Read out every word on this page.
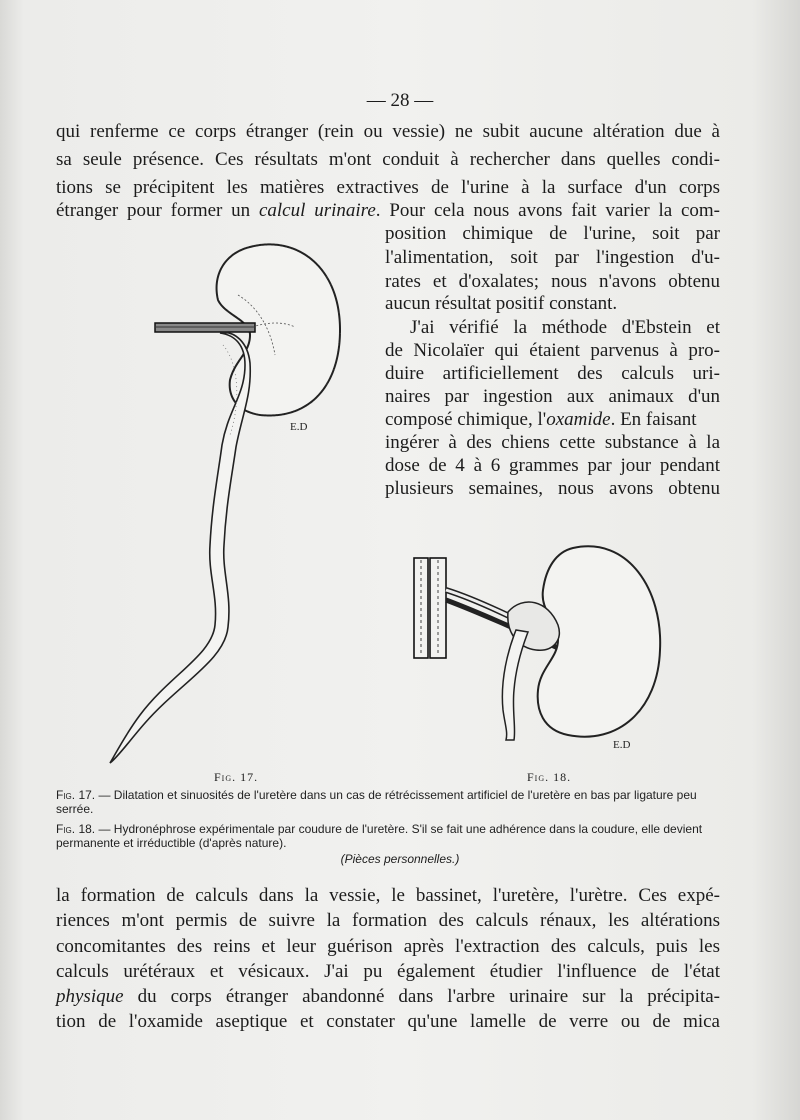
— 28 —
qui renferme ce corps étranger (rein ou vessie) ne subit aucune altération due à
sa seule présence. Ces résultats m'ont conduit à rechercher dans quelles condi-
tions se précipitent les matières extractives de l'urine à la surface d'un corps
étranger pour former un calcul urinaire. Pour cela nous avons fait varier la com-
position chimique de l'urine, soit par
l'alimentation, soit par l'ingestion d'u-
rates et d'oxalates; nous n'avons obtenu
aucun résultat positif constant.
J'ai vérifié la méthode d'Ebstein et
de Nicolaïer qui étaient parvenus à pro-
duire artificiellement des calculs uri-
naires par ingestion aux animaux d'un
composé chimique, l'oxamide. En faisant
ingérer à des chiens cette substance à la
dose de 4 à 6 grammes par jour pendant
plusieurs semaines, nous avons obtenu
E.D
E.D
Fig. 17.	Fig. 18.
Fig. 17. — Dilatation et sinuosités de l'uretère dans un cas de rétrécissement artificiel de l'uretère en bas par ligature peu serrée.
Fig. 18. — Hydronéphrose expérimentale par coudure de l'uretère. S'il se fait une adhérence dans la coudure, elle devient permanente et irréductible (d'après nature).
(Pièces personnelles.)
la formation de calculs dans la vessie, le bassinet, l'uretère, l'urètre. Ces expé-
riences m'ont permis de suivre la formation des calculs rénaux, les altérations
concomitantes des reins et leur guérison après l'extraction des calculs, puis les
calculs urétéraux et vésicaux. J'ai pu également étudier l'influence de l'état
physique du corps étranger abandonné dans l'arbre urinaire sur la précipita-
tion de l'oxamide aseptique et constater qu'une lamelle de verre ou de mica
